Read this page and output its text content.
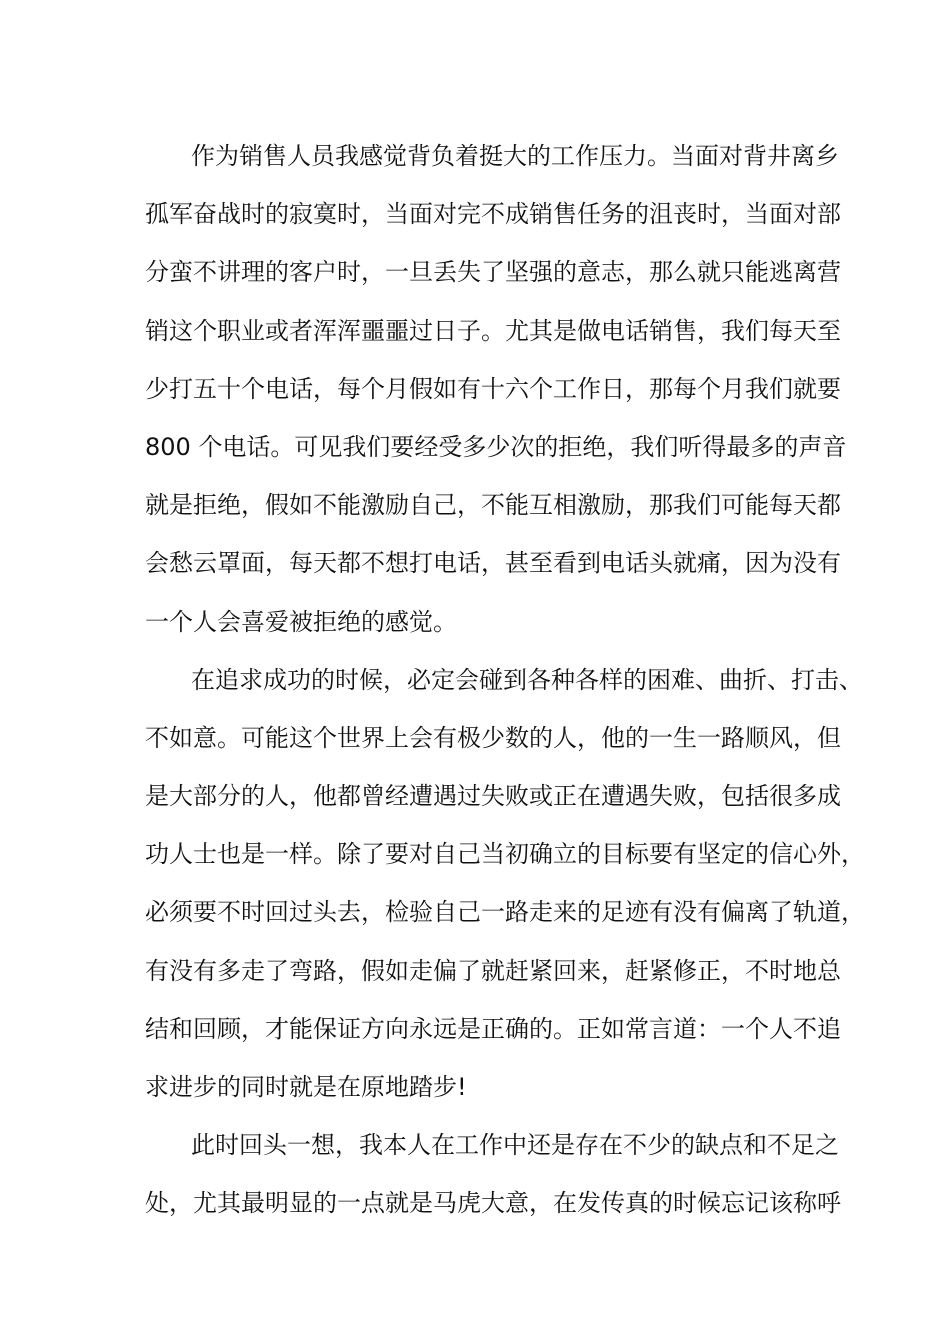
作为销售人员我感觉背负着挺大的工作压力。当面对背井离乡
孤军奋战时的寂寞时，当面对完不成销售任务的沮丧时，当面对部
分蛮不讲理的客户时，一旦丢失了坚强的意志，那么就只能逃离营
销这个职业或者浑浑噩噩过日子。尤其是做电话销售，我们每天至
少打五十个电话，每个月假如有十六个工作日，那每个月我们就要
800 个电话。可见我们要经受多少次的拒绝，我们听得最多的声音
就是拒绝，假如不能激励自己，不能互相激励，那我们可能每天都
会愁云罩面，每天都不想打电话，甚至看到电话头就痛，因为没有
一个人会喜爱被拒绝的感觉。
在追求成功的时候，必定会碰到各种各样的困难、曲折、打击、
不如意。可能这个世界上会有极少数的人，他的一生一路顺风，但
是大部分的人，他都曾经遭遇过失败或正在遭遇失败，包括很多成
功人士也是一样。除了要对自己当初确立的目标要有坚定的信心外，
必须要不时回过头去，检验自己一路走来的足迹有没有偏离了轨道，
有没有多走了弯路，假如走偏了就赶紧回来，赶紧修正，不时地总
结和回顾，才能保证方向永远是正确的。正如常言道：一个人不追
求进步的同时就是在原地踏步!
此时回头一想，我本人在工作中还是存在不少的缺点和不足之
处，尤其最明显的一点就是马虎大意，在发传真的时候忘记该称呼
